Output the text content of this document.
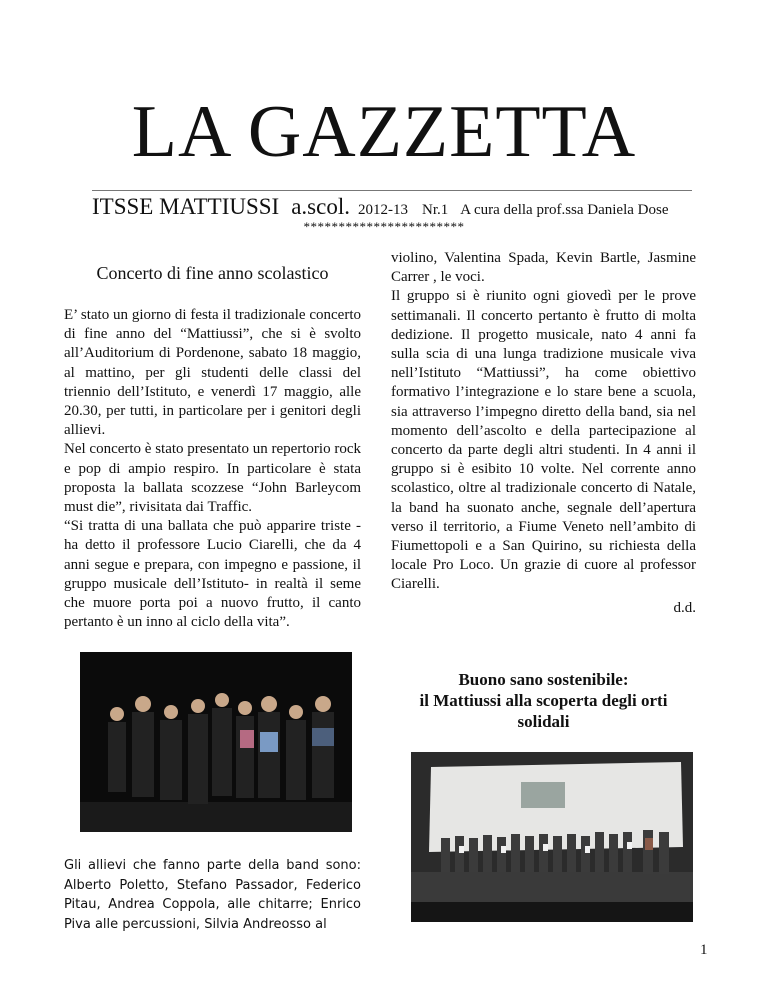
LA GAZZETTA
ITSSE MATTIUSSI a.scol. 2012-13 Nr.1 A cura della prof.ssa Daniela Dose
***********************
Concerto di fine anno scolastico

E’ stato un giorno di festa il tradizionale concerto di fine anno del “Mattiussi”, che si è svolto all’Auditorium di Pordenone, sabato 18 maggio, al mattino, per gli studenti delle classi del triennio dell’Istituto, e venerdì 17 maggio, alle 20.30, per tutti, in particolare per i genitori degli allievi.

Nel concerto è stato presentato un repertorio rock e pop di ampio respiro. In particolare è stata proposta la ballata scozzese “John Barleycom must die”, rivisitata dai Traffic.

“Si tratta di una ballata che può apparire triste -ha detto il professore Lucio Ciarelli, che da 4 anni segue e prepara, con impegno e passione, il gruppo musicale dell’Istituto- in realtà il seme che muore porta poi a nuovo frutto, il canto pertanto è un inno al ciclo della vita”.

Gli allievi che fanno parte della band sono: Alberto Poletto, Stefano Passador, Federico Pitau, Andrea Coppola, alle chitarre; Enrico Piva alle percussioni, Silvia Andreosso al

violino, Valentina Spada, Kevin Bartle, Jasmine Carrer , le voci.

Il gruppo si è riunito ogni giovedì per le prove settimanali. Il concerto pertanto è frutto di molta dedizione. Il progetto musicale, nato 4 anni fa sulla scia di una lunga tradizione musicale viva nell’Istituto “Mattiussi”, ha come obiettivo formativo l’integrazione e lo stare bene a scuola, sia attraverso l’impegno diretto della band, sia nel momento dell’ascolto e della partecipazione al concerto da parte degli altri studenti. In 4 anni il gruppo si è esibito 10 volte. Nel corrente anno scolastico, oltre al tradizionale concerto di Natale, la band ha suonato anche, segnale dell’apertura verso il territorio, a Fiume Veneto nell’ambito di Fiumettopoli e a San Quirino, su richiesta della locale Pro Loco. Un grazie di cuore al professor Ciarelli.

d.d.
Buono sano sostenibile:
il Mattiussi alla scoperta degli orti
solidali
1
